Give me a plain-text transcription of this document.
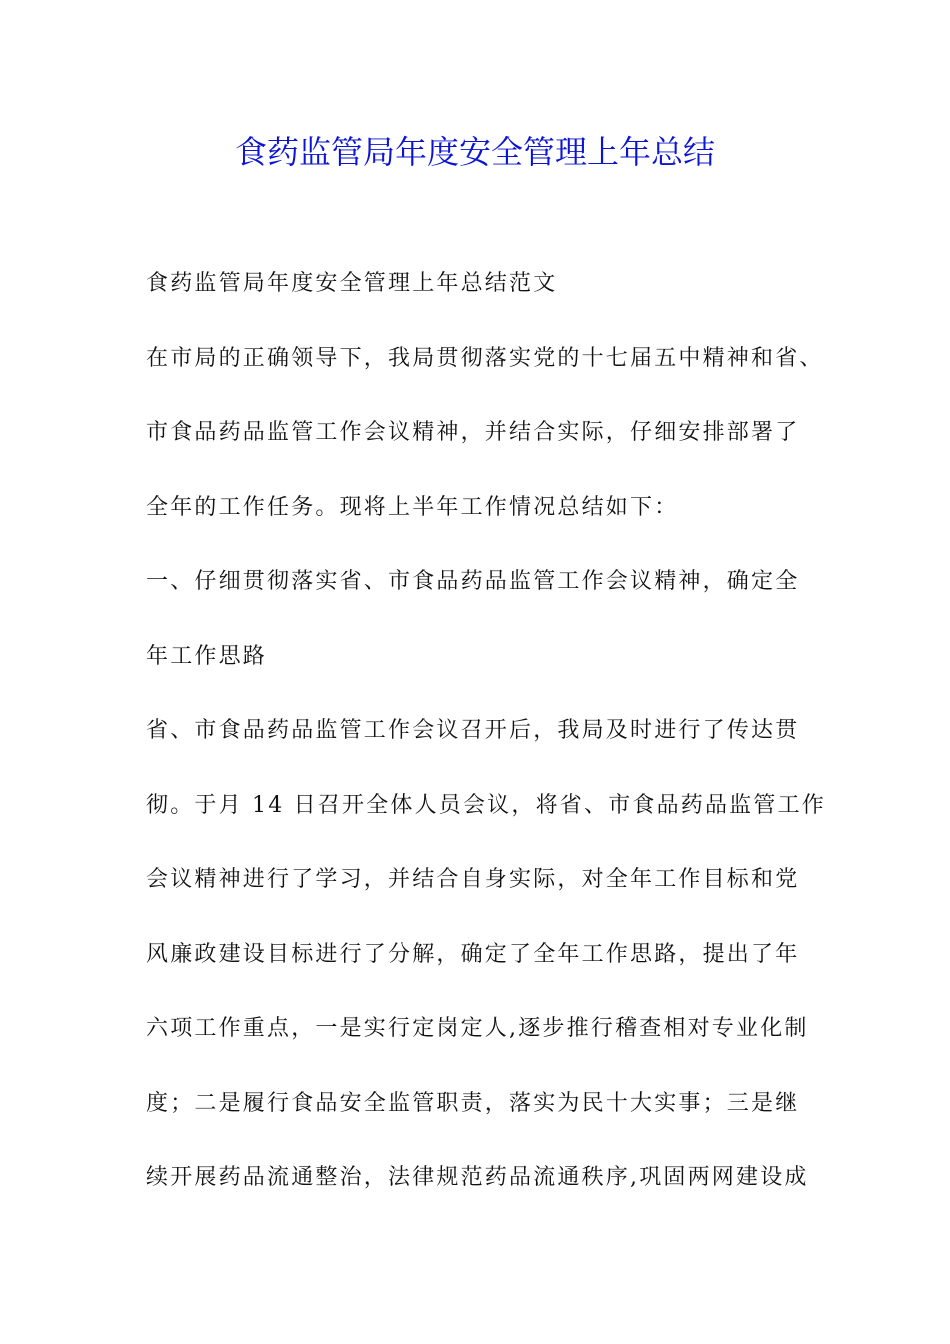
食药监管局年度安全管理上年总结
食药监管局年度安全管理上年总结范文
在市局的正确领导下，我局贯彻落实党的十七届五中精神和省、
市食品药品监管工作会议精神，并结合实际，仔细安排部署了
全年的工作任务。现将上半年工作情况总结如下：
一、仔细贯彻落实省、市食品药品监管工作会议精神，确定全
年工作思路
省、市食品药品监管工作会议召开后，我局及时进行了传达贯
彻。于月 14 日召开全体人员会议，将省、市食品药品监管工作
会议精神进行了学习，并结合自身实际，对全年工作目标和党
风廉政建设目标进行了分解，确定了全年工作思路，提出了年
六项工作重点，一是实行定岗定人,逐步推行稽查相对专业化制
度；二是履行食品安全监管职责，落实为民十大实事；三是继
续开展药品流通整治，法律规范药品流通秩序,巩固两网建设成
